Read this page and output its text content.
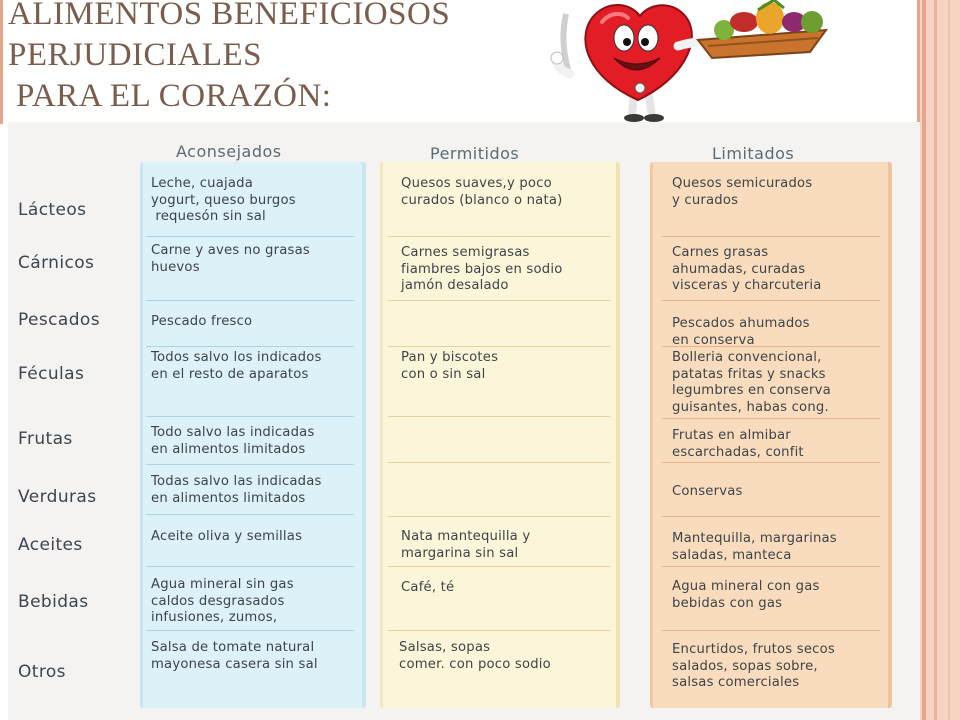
ALIMENTOS BENEFICIOSOS
PERJUDICIALES
PARA EL CORAZÓN:
Aconsejados	Permitidos	Limitados
Lácteos
Cárnicos
Pescados
Féculas
Frutas
Verduras
Aceites
Bebidas
Otros
Leche, cuajada
yogurt, queso burgos
requesón sin sal
Carne y aves no grasas
huevos
Pescado fresco
Todos salvo los indicados
en el resto de aparatos
Todo salvo las indicadas
en alimentos limitados
Todas salvo las indicadas
en alimentos limitados
Aceite oliva y semillas
Agua mineral sin gas
caldos desgrasados
infusiones, zumos,
Salsa de tomate natural
mayonesa casera sin sal
Quesos suaves,y poco
curados (blanco o nata)
Carnes semigrasas
fiambres bajos en sodio
jamón desalado
Pan y biscotes
con o sin sal
Nata mantequilla y
margarina sin sal
Café, té
Salsas, sopas
comer. con poco sodio
Quesos semicurados
y curados
Carnes grasas
ahumadas, curadas
visceras y charcuteria
Pescados ahumados
en conserva
Bolleria convencional,
patatas fritas y snacks
legumbres en conserva
guisantes, habas cong.
Frutas en almibar
escarchadas, confit
Conservas
Mantequilla, margarinas
saladas, manteca
Agua mineral con gas
bebidas con gas
Encurtidos, frutos secos
salados, sopas sobre,
salsas comerciales
